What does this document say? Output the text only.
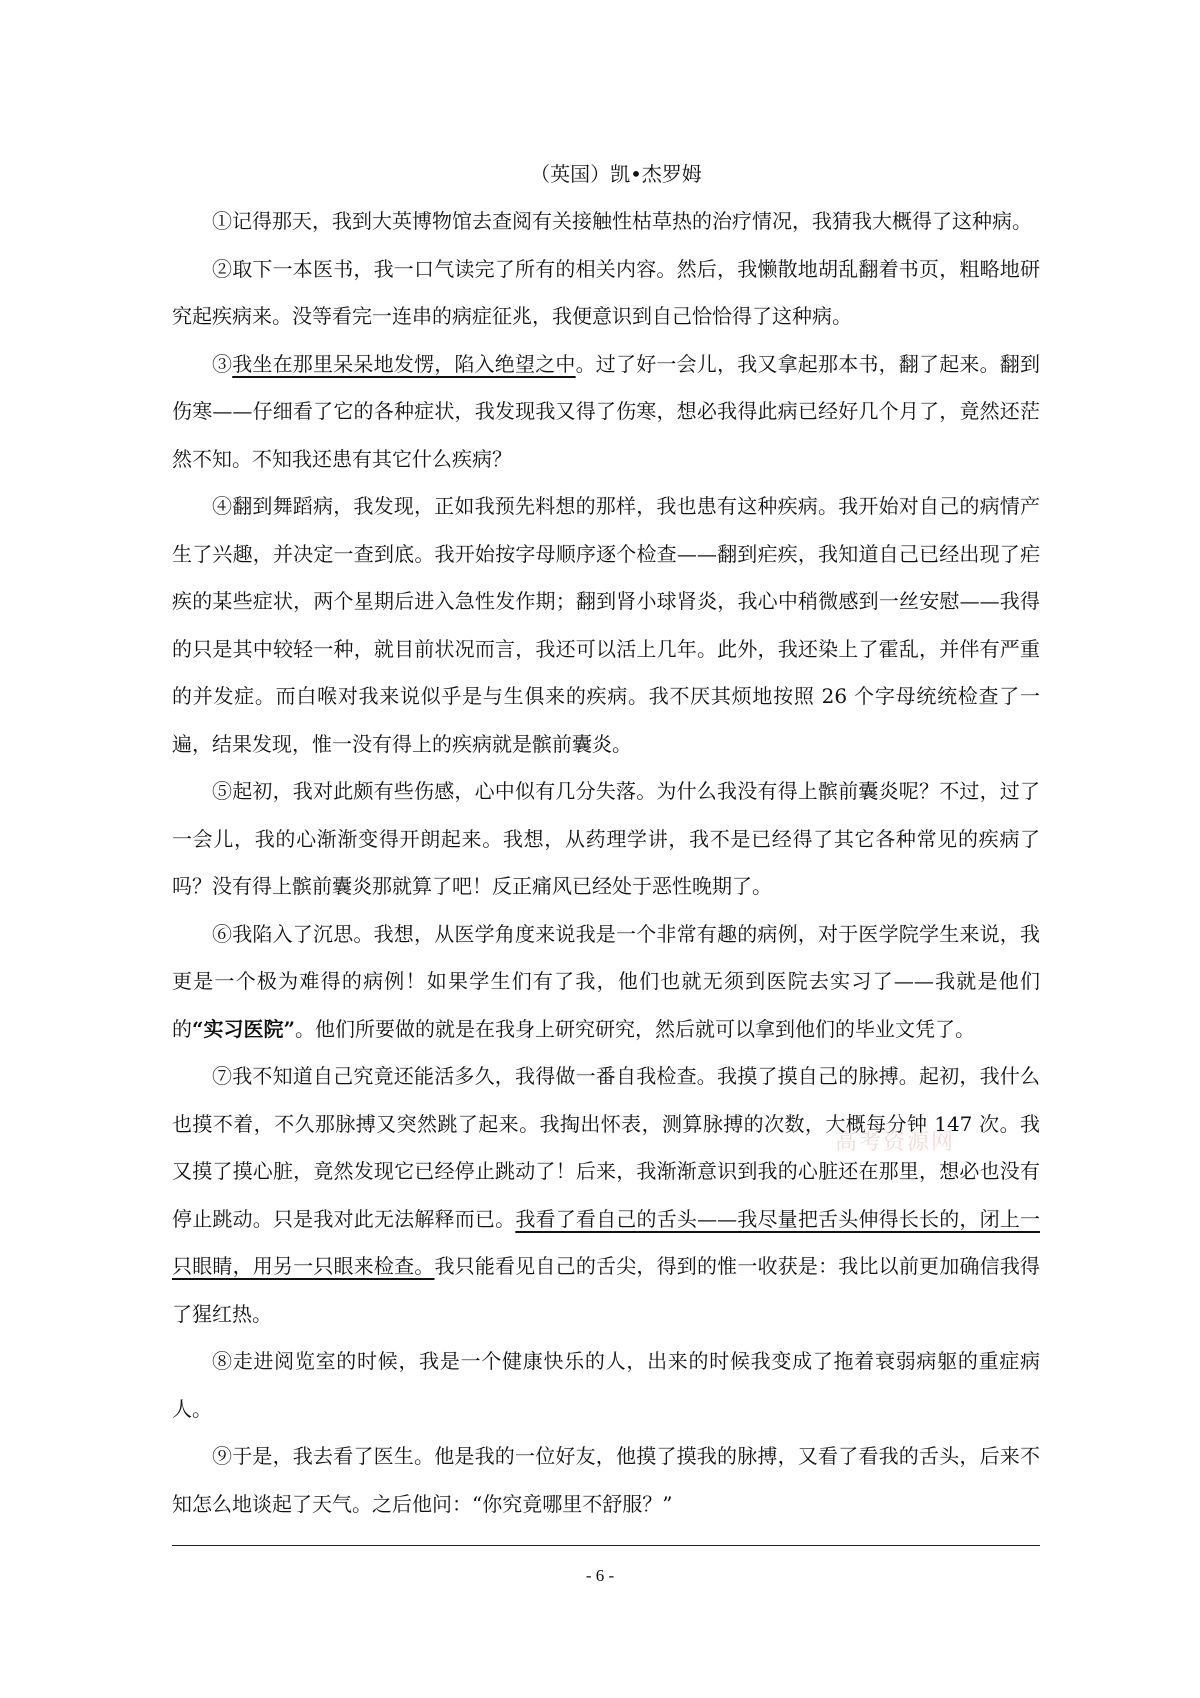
（英国）凯•杰罗姆

①记得那天，我到大英博物馆去查阅有关接触性枯草热的治疗情况，我猜我大概得了这种病。

②取下一本医书，我一口气读完了所有的相关内容。然后，我懒散地胡乱翻着书页，粗略地研究起疾病来。没等看完一连串的病症征兆，我便意识到自己恰恰得了这种病。

③我坐在那里呆呆地发愣，陷入绝望之中。过了好一会儿，我又拿起那本书，翻了起来。翻到伤寒——仔细看了它的各种症状，我发现我又得了伤寒，想必我得此病已经好几个月了，竟然还茫然不知。不知我还患有其它什么疾病？

④翻到舞蹈病，我发现，正如我预先料想的那样，我也患有这种疾病。我开始对自己的病情产生了兴趣，并决定一查到底。我开始按字母顺序逐个检查——翻到疟疾，我知道自己已经出现了疟疾的某些症状，两个星期后进入急性发作期；翻到肾小球肾炎，我心中稍微感到一丝安慰——我得的只是其中较轻一种，就目前状况而言，我还可以活上几年。此外，我还染上了霍乱，并伴有严重的并发症。而白喉对我来说似乎是与生俱来的疾病。我不厌其烦地按照 26 个字母统统检查了一遍，结果发现，惟一没有得上的疾病就是髌前囊炎。

⑤起初，我对此颇有些伤感，心中似有几分失落。为什么我没有得上髌前囊炎呢？不过，过了一会儿，我的心渐渐变得开朗起来。我想，从药理学讲，我不是已经得了其它各种常见的疾病了吗？没有得上髌前囊炎那就算了吧！反正痛风已经处于恶性晚期了。

⑥我陷入了沉思。我想，从医学角度来说我是一个非常有趣的病例，对于医学院学生来说，我更是一个极为难得的病例！如果学生们有了我，他们也就无须到医院去实习了——我就是他们的“实习医院”。他们所要做的就是在我身上研究研究，然后就可以拿到他们的毕业文凭了。

⑦我不知道自己究竟还能活多久，我得做一番自我检查。我摸了摸自己的脉搏。起初，我什么也摸不着，不久那脉搏又突然跳了起来。我掏出怀表，测算脉搏的次数，大概每分钟 147 次。我又摸了摸心脏，竟然发现它已经停止跳动了！后来，我渐渐意识到我的心脏还在那里，想必也没有停止跳动。只是我对此无法解释而已。我看了看自己的舌头——我尽量把舌头伸得长长的，闭上一只眼睛，用另一只眼来检查。我只能看见自己的舌尖，得到的惟一收获是：我比以前更加确信我得了猩红热。

⑧走进阅览室的时候，我是一个健康快乐的人，出来的时候我变成了拖着衰弱病躯的重症病人。

⑨于是，我去看了医生。他是我的一位好友，他摸了摸我的脉搏，又看了看我的舌头，后来不知怎么地谈起了天气。之后他问：“你究竟哪里不舒服？”

高考资源网
- 6 -
